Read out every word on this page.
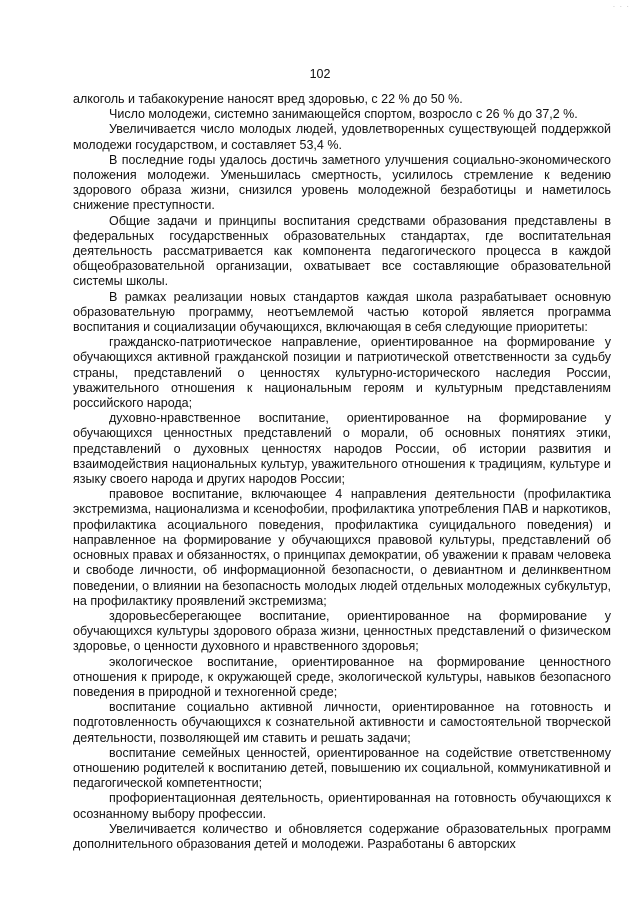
· · ·
102

алкоголь и табакокурение наносят вред здоровью, с 22 % до 50 %.

Число молодежи, системно занимающейся спортом, возросло с 26 % до 37,2 %.

Увеличивается число молодых людей, удовлетворенных существующей поддержкой молодежи государством, и составляет 53,4 %.

В последние годы удалось достичь заметного улучшения социально-экономического положения молодежи. Уменьшилась смертность, усилилось стремление к ведению здорового образа жизни, снизился уровень молодежной безработицы и наметилось снижение преступности.

Общие задачи и принципы воспитания средствами образования представлены в федеральных государственных образовательных стандартах, где воспитательная деятельность рассматривается как компонента педагогического процесса в каждой общеобразовательной организации, охватывает все составляющие образовательной системы школы.

В рамках реализации новых стандартов каждая школа разрабатывает основную образовательную программу, неотъемлемой частью которой является программа воспитания и социализации обучающихся, включающая в себя следующие приоритеты:

гражданско-патриотическое направление, ориентированное на формирование у обучающихся активной гражданской позиции и патриотической ответственности за судьбу страны, представлений о ценностях культурно-исторического наследия России, уважительного отношения к национальным героям и культурным представлениям российского народа;

духовно-нравственное воспитание, ориентированное на формирование у обучающихся ценностных представлений о морали, об основных понятиях этики, представлений о духовных ценностях народов России, об истории развития и взаимодействия национальных культур, уважительного отношения к традициям, культуре и языку своего народа и других народов России;

правовое воспитание, включающее 4 направления деятельности (профилактика экстремизма, национализма и ксенофобии, профилактика употребления ПАВ и наркотиков, профилактика асоциального поведения, профилактика суицидального поведения) и направленное на формирование у обучающихся правовой культуры, представлений об основных правах и обязанностях, о принципах демократии, об уважении к правам человека и свободе личности, об информационной безопасности, о девиантном и делинквентном поведении, о влиянии на безопасность молодых людей отдельных молодежных субкультур, на профилактику проявлений экстремизма;

здоровьесберегающее воспитание, ориентированное на формирование у обучающихся культуры здорового образа жизни, ценностных представлений о физическом здоровье, о ценности духовного и нравственного здоровья;

экологическое воспитание, ориентированное на формирование ценностного отношения к природе, к окружающей среде, экологической культуры, навыков безопасного поведения в природной и техногенной среде;

воспитание социально активной личности, ориентированное на готовность и подготовленность обучающихся к сознательной активности и самостоятельной творческой деятельности, позволяющей им ставить и решать задачи;

воспитание семейных ценностей, ориентированное на содействие ответственному отношению родителей к воспитанию детей, повышению их социальной, коммуникативной и педагогической компетентности;

профориентационная деятельность, ориентированная на готовность обучающихся к осознанному выбору профессии.

Увеличивается количество и обновляется содержание образовательных программ дополнительного образования детей и молодежи. Разработаны 6 авторских
